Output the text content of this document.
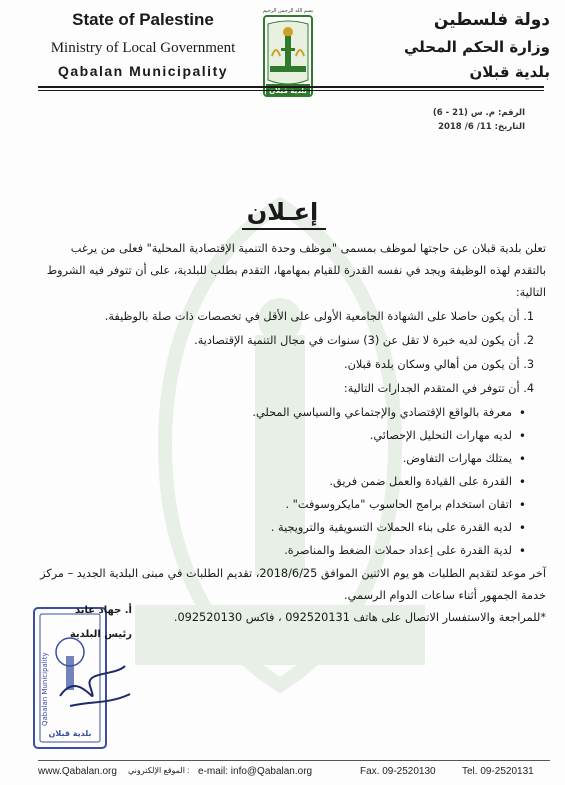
State of Palestine
Ministry of Local Government
Qabalan Municipality
بسم الله الرحمن الرحيم
بلدية قبلان
دولة فلسطين
وزارة الحكم المحلي
بلدية قبلان
الرقم: م. س (21 - 6)
التاريخ: 11/ 6/ 2018
إعـلان

تعلن بلدية قبلان عن حاجتها لموظف بمسمى "موظف وحدة التنمية الإقتصادية المحلية" فعلى من يرغب بالتقدم لهذه الوظيفة ويجد في نفسه القدرة للقيام بمهامها، التقدم بطلب للبلدية، على أن تتوفر فيه الشروط التالية:

1. أن يكون حاصلا على الشهادة الجامعية الأولى على الأقل في تخصصات ذات صلة بالوظيفة.
2. أن يكون لديه خبرة لا تقل عن (3) سنوات في مجال التنمية الإقتصادية.
3. أن يكون من أهالي وسكان بلدة قبلان.
4. أن تتوفر في المتقدم الجدارات التالية:
• معرفة بالواقع الإقتصادي والإجتماعي والسياسي المحلي.
• لديه مهارات التحليل الإحصائي.
• يمتلك مهارات التفاوض.
• القدرة على القيادة والعمل ضمن فريق.
• اتقان استخدام برامج الحاسوب "مايكروسوفت" .
• لديه القدرة على بناء الحملات التسويقية والترويجية .
• لدية القدرة على إعداد حملات الضغط والمناصرة.

آخر موعد لتقديم الطلبات هو يوم الاثنين الموافق 2018/6/25، تقديم الطلبات في مبنى البلدية الجديد – مركز خدمة الجمهور أثناء ساعات الدوام الرسمي.

*للمراجعة والاستفسار الاتصال على هاتف 092520131 ، فاكس 092520130.

Qabalan Municipality
بلدية قبلان
أ. جهاد عابد
رئيس البلدية
www.Qabalan.org : الموقع الإلكتروني e-mail: info@Qabalan.org	Fax. 09-2520130	Tel. 09-2520131
